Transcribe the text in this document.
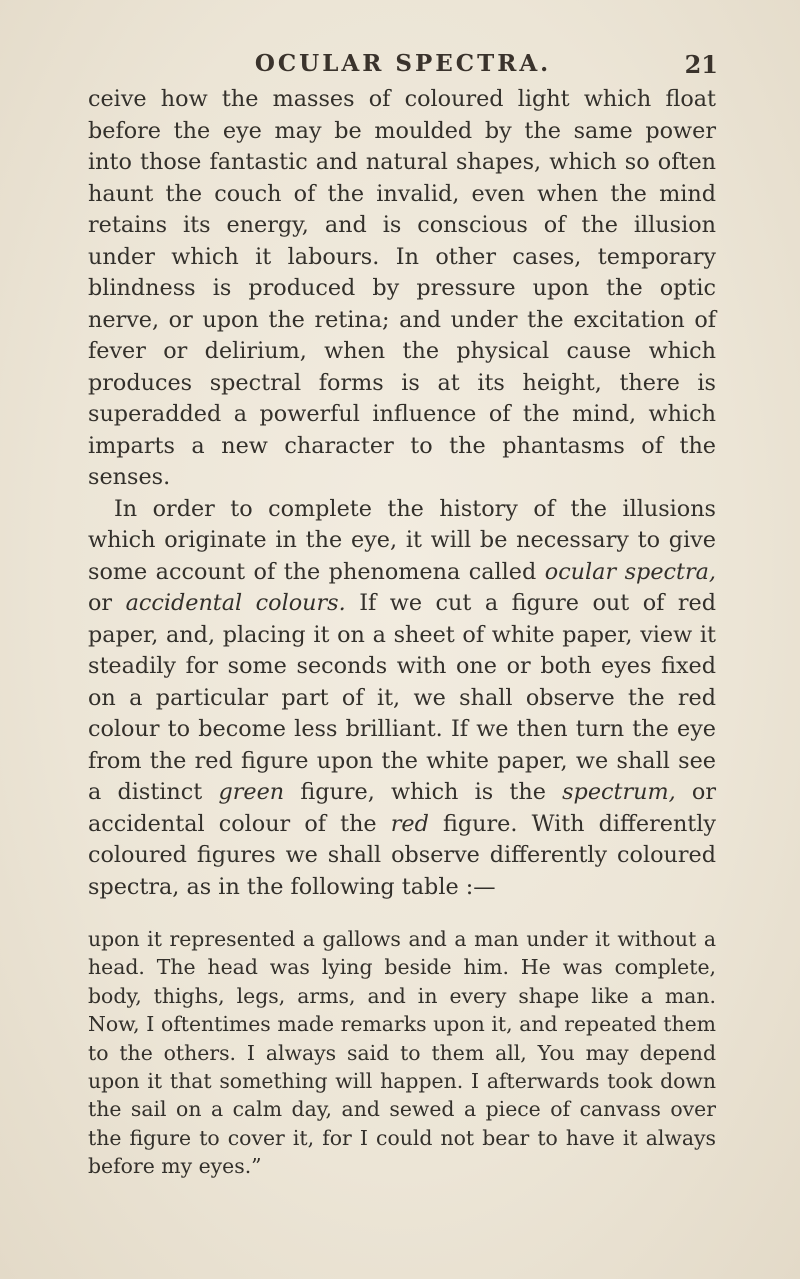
OCULAR SPECTRA.	21

ceive how the masses of coloured light which float before the eye may be moulded by the same power into those fantastic and natural shapes, which so often haunt the couch of the invalid, even when the mind retains its energy, and is conscious of the illusion under which it labours. In other cases, temporary blindness is produced by pressure upon the optic nerve, or upon the retina; and under the excitation of fever or delirium, when the physical cause which produces spectral forms is at its height, there is superadded a powerful influence of the mind, which imparts a new character to the phantasms of the senses.

In order to complete the history of the illusions which originate in the eye, it will be necessary to give some account of the phenomena called ocular spectra, or accidental colours. If we cut a figure out of red paper, and, placing it on a sheet of white paper, view it steadily for some seconds with one or both eyes fixed on a particular part of it, we shall observe the red colour to become less brilliant. If we then turn the eye from the red figure upon the white paper, we shall see a distinct green figure, which is the spectrum, or accidental colour of the red figure. With differently coloured figures we shall observe differently coloured spectra, as in the following table :—

upon it represented a gallows and a man under it without a head. The head was lying beside him. He was complete, body, thighs, legs, arms, and in every shape like a man. Now, I oftentimes made remarks upon it, and repeated them to the others. I always said to them all, You may depend upon it that something will happen. I afterwards took down the sail on a calm day, and sewed a piece of canvass over the figure to cover it, for I could not bear to have it always before my eyes.”
